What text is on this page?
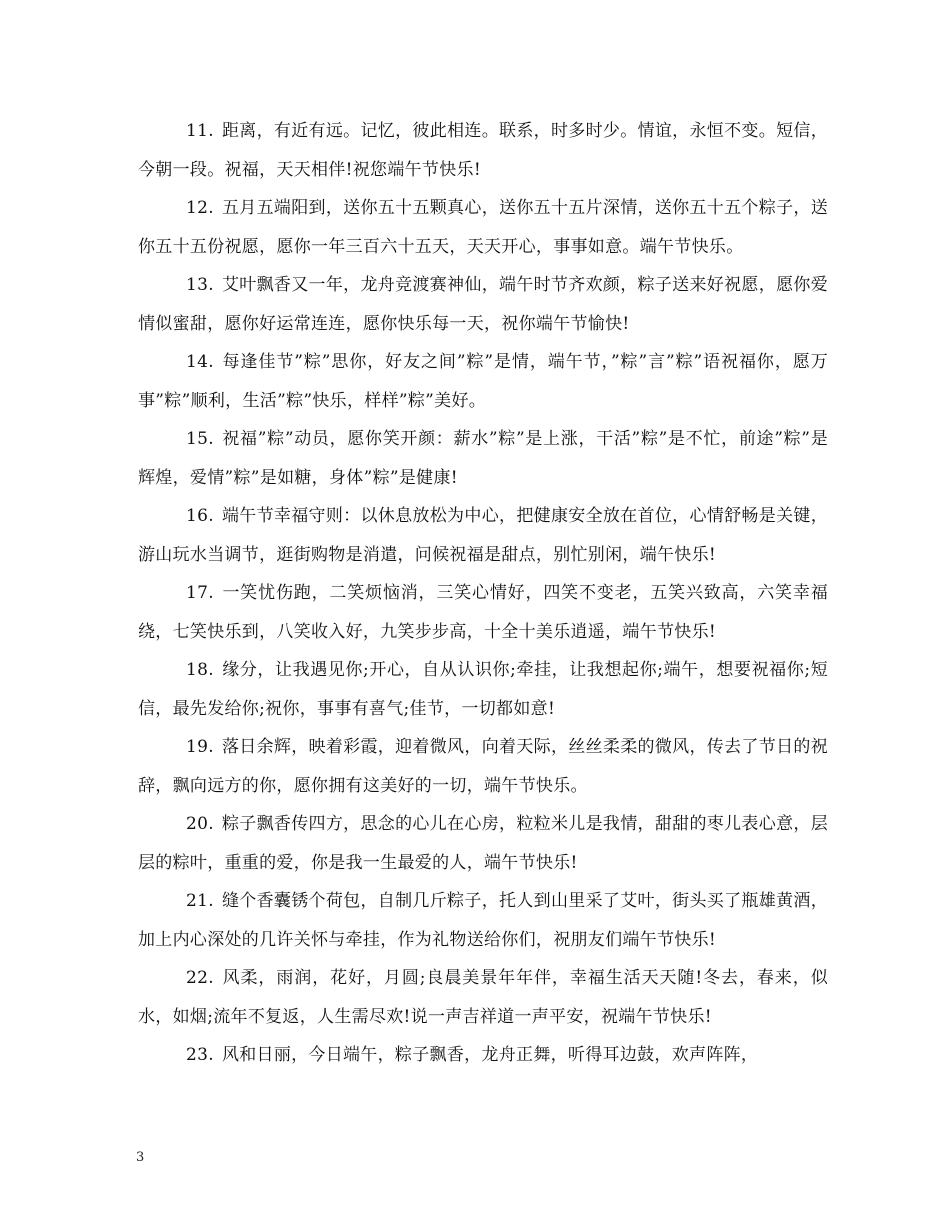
11. 距离，有近有远。记忆，彼此相连。联系，时多时少。情谊，永恒不变。短信，今朝一段。祝福，天天相伴!祝您端午节快乐!

12. 五月五端阳到，送你五十五颗真心，送你五十五片深情，送你五十五个粽子，送你五十五份祝愿，愿你一年三百六十五天，天天开心，事事如意。端午节快乐。

13. 艾叶飘香又一年，龙舟竞渡赛神仙，端午时节齐欢颜，粽子送来好祝愿，愿你爱情似蜜甜，愿你好运常连连，愿你快乐每一天，祝你端午节愉快!

14. 每逢佳节”粽”思你，好友之间”粽”是情，端午节，”粽”言”粽”语祝福你，愿万事”粽”顺利，生活”粽”快乐，样样”粽”美好。

15. 祝福”粽”动员，愿你笑开颜：薪水”粽”是上涨，干活”粽”是不忙，前途”粽”是辉煌，爱情”粽”是如糖，身体”粽”是健康!

16. 端午节幸福守则：以休息放松为中心，把健康安全放在首位，心情舒畅是关键，游山玩水当调节，逛街购物是消遣，问候祝福是甜点，别忙别闲，端午快乐!

17. 一笑忧伤跑，二笑烦恼消，三笑心情好，四笑不变老，五笑兴致高，六笑幸福绕，七笑快乐到，八笑收入好，九笑步步高，十全十美乐逍遥，端午节快乐!

18. 缘分，让我遇见你;开心，自从认识你;牵挂，让我想起你;端午，想要祝福你;短信，最先发给你;祝你，事事有喜气;佳节，一切都如意!

19. 落日余辉，映着彩霞，迎着微风，向着天际，丝丝柔柔的微风，传去了节日的祝辞，飘向远方的你，愿你拥有这美好的一切，端午节快乐。

20. 粽子飘香传四方，思念的心儿在心房，粒粒米儿是我情，甜甜的枣儿表心意，层层的粽叶，重重的爱，你是我一生最爱的人，端午节快乐!

21. 缝个香囊锈个荷包，自制几斤粽子，托人到山里采了艾叶，街头买了瓶雄黄酒，加上内心深处的几许关怀与牵挂，作为礼物送给你们，祝朋友们端午节快乐!

22. 风柔，雨润，花好，月圆;良晨美景年年伴，幸福生活天天随!冬去，春来，似水，如烟;流年不复返，人生需尽欢!说一声吉祥道一声平安，祝端午节快乐!

23. 风和日丽，今日端午，粽子飘香，龙舟正舞，听得耳边鼓，欢声阵阵，

3
